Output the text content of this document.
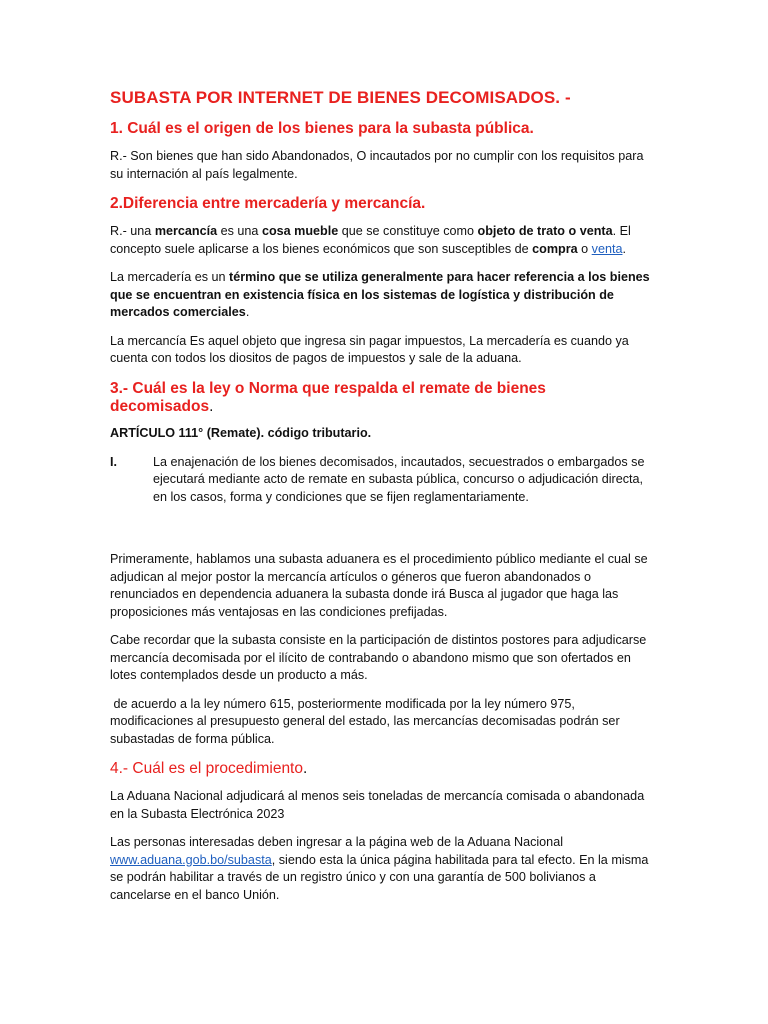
SUBASTA POR INTERNET DE BIENES DECOMISADOS. -
1. Cuál es el origen de los bienes para la subasta pública.

R.- Son bienes que han sido Abandonados, O incautados por no cumplir con los requisitos para su internación al país legalmente.

2.Diferencia entre mercadería y mercancía.

R.- una mercancía es una cosa mueble que se constituye como objeto de trato o venta. El concepto suele aplicarse a los bienes económicos que son susceptibles de compra o venta.

La mercadería es un término que se utiliza generalmente para hacer referencia a los bienes que se encuentran en existencia física en los sistemas de logística y distribución de mercados comerciales.

La mercancía Es aquel objeto que ingresa sin pagar impuestos, La mercadería es cuando ya cuenta con todos los diositos de pagos de impuestos y sale de la aduana.

3.- Cuál es la ley o Norma que respalda el remate de bienes decomisados.
ARTÍCULO 111° (Remate). código tributario.
I.	La enajenación de los bienes decomisados, incautados, secuestrados o embargados se ejecutará mediante acto de remate en subasta pública, concurso o adjudicación directa, en los casos, forma y condiciones que se fijen reglamentariamente.

Primeramente, hablamos una subasta aduanera es el procedimiento público mediante el cual se adjudican al mejor postor la mercancía artículos o géneros que fueron abandonados o renunciados en dependencia aduanera la subasta donde irá Busca al jugador que haga las proposiciones más ventajosas en las condiciones prefijadas.

Cabe recordar que la subasta consiste en la participación de distintos postores para adjudicarse mercancía decomisada por el ilícito de contrabando o abandono mismo que son ofertados en lotes contemplados desde un producto a más.

de acuerdo a la ley número 615, posteriormente modificada por la ley número 975, modificaciones al presupuesto general del estado, las mercancías decomisadas podrán ser subastadas de forma pública.

4.- Cuál es el procedimiento.

La Aduana Nacional adjudicará al menos seis toneladas de mercancía comisada o abandonada en la Subasta Electrónica 2023

Las personas interesadas deben ingresar a la página web de la Aduana Nacional www.aduana.gob.bo/subasta, siendo esta la única página habilitada para tal efecto. En la misma se podrán habilitar a través de un registro único y con una garantía de 500 bolivianos a cancelarse en el banco Unión.
